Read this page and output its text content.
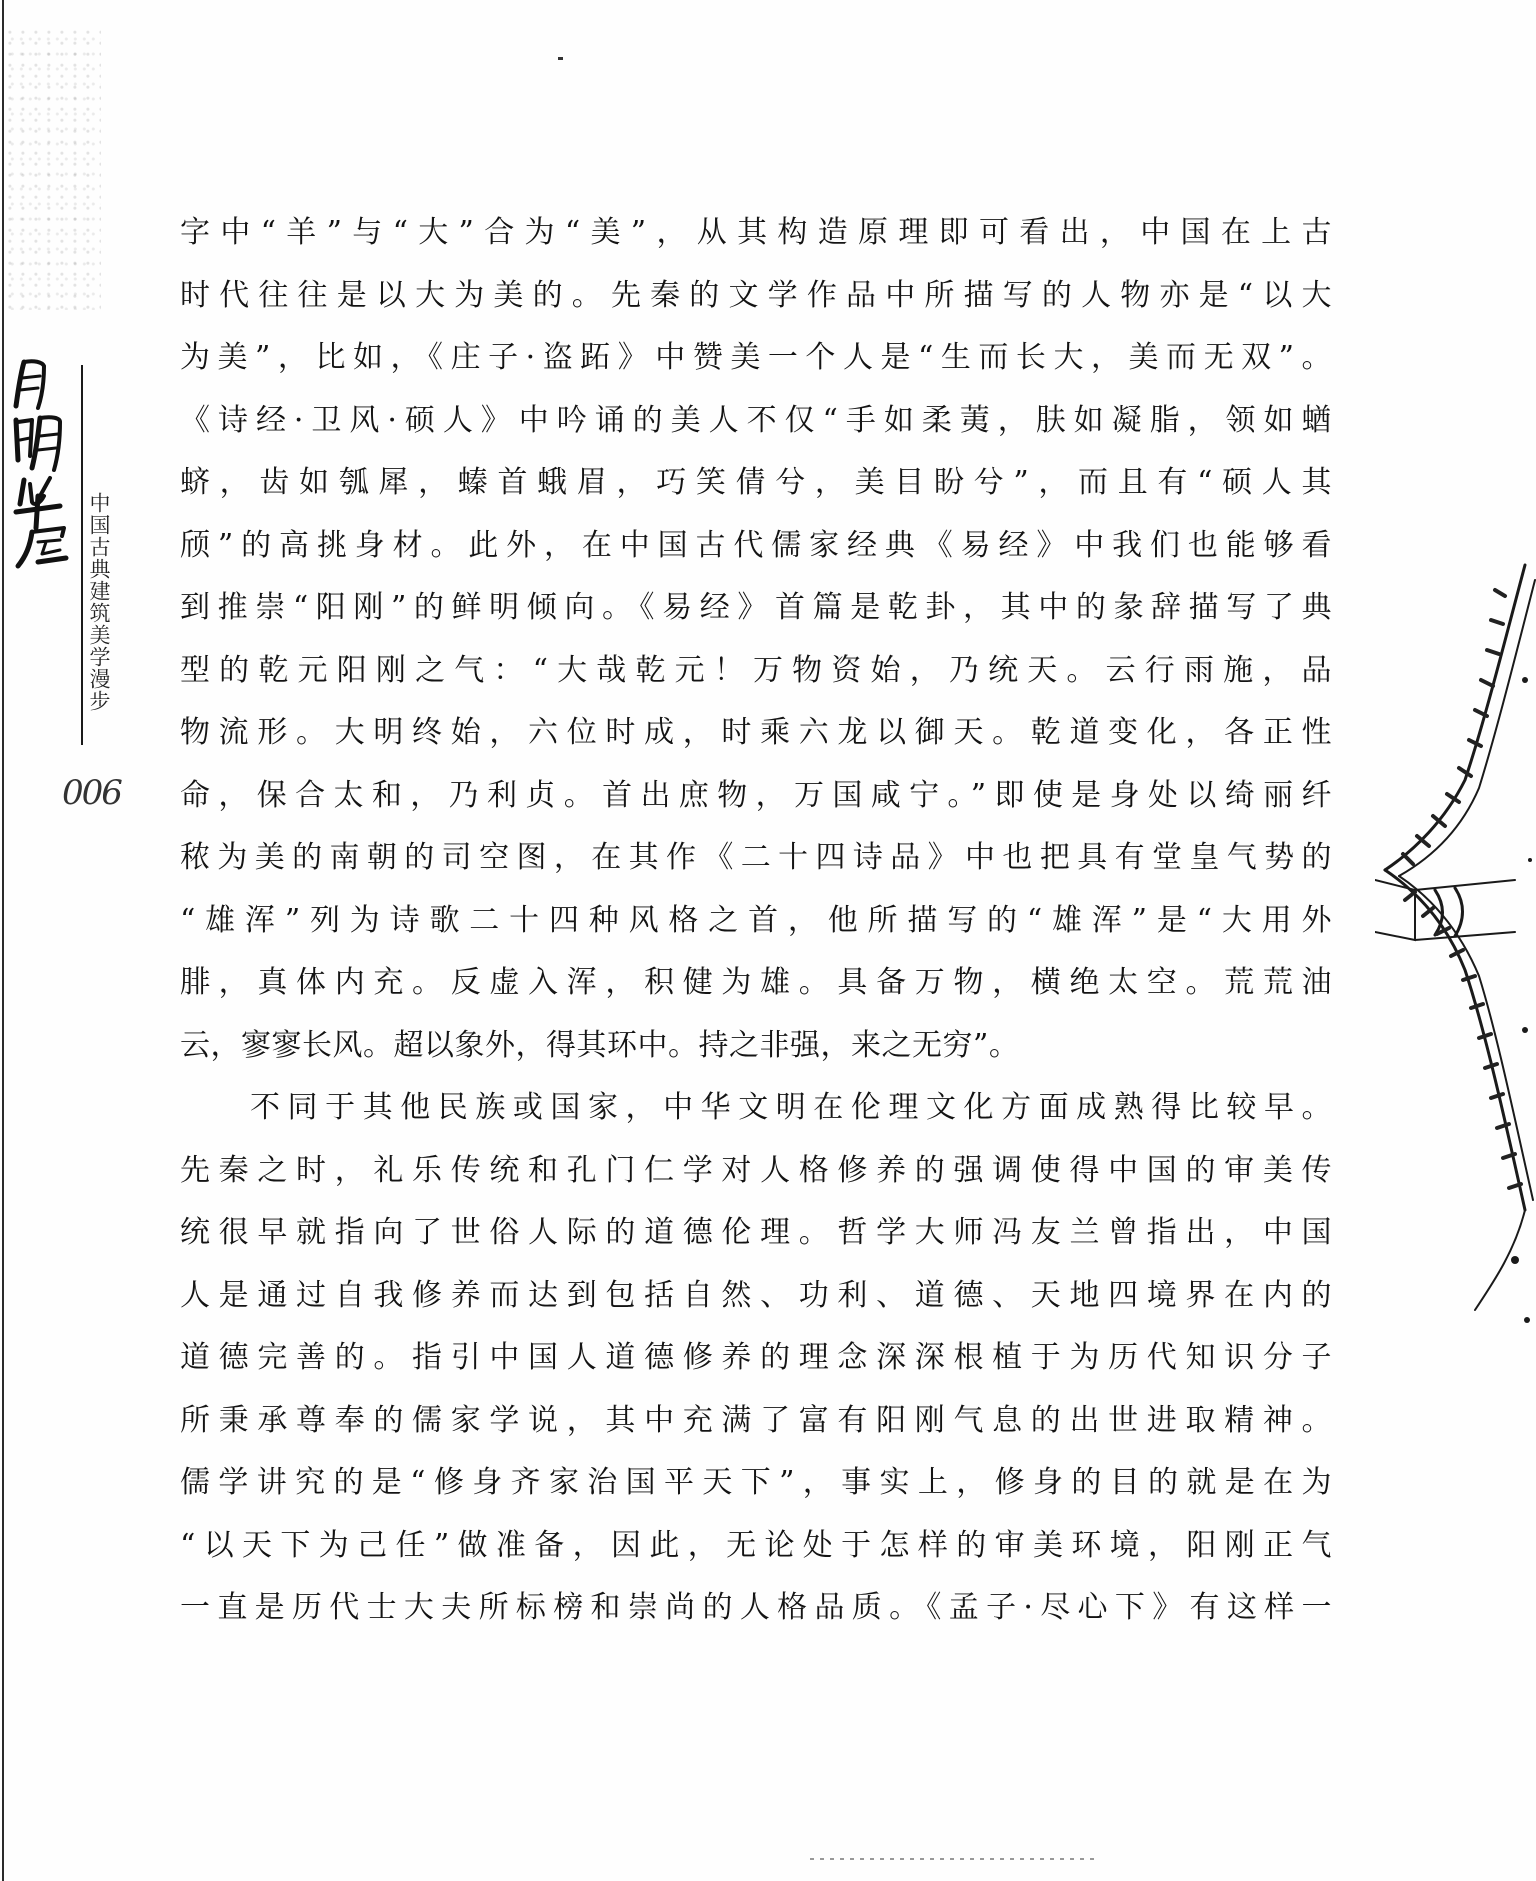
中国古典建筑美学漫步
006
字中“羊”与“大”合为“美”，从其构造原理即可看出，中国在上古
时代往往是以大为美的。先秦的文学作品中所描写的人物亦是“以大
为美”，比如，《庄子·盗跖》中赞美一个人是“生而长大，美而无双”。
《诗经·卫风·硕人》中吟诵的美人不仅“手如柔荑，肤如凝脂，领如蝤
蛴，齿如瓠犀，螓首蛾眉，巧笑倩兮，美目盼兮”，而且有“硕人其
颀”的高挑身材。此外，在中国古代儒家经典《易经》中我们也能够看
到推崇“阳刚”的鲜明倾向。《易经》首篇是乾卦，其中的彖辞描写了典
型的乾元阳刚之气：“大哉乾元！万物资始，乃统天。云行雨施，品
物流形。大明终始，六位时成，时乘六龙以御天。乾道变化，各正性
命，保合太和，乃利贞。首出庶物，万国咸宁。”即使是身处以绮丽纤
秾为美的南朝的司空图，在其作《二十四诗品》中也把具有堂皇气势的
“雄浑”列为诗歌二十四种风格之首，他所描写的“雄浑”是“大用外
腓，真体内充。反虚入浑，积健为雄。具备万物，横绝太空。荒荒油
云，寥寥长风。超以象外，得其环中。持之非强，来之无穷”。
不同于其他民族或国家，中华文明在伦理文化方面成熟得比较早。
先秦之时，礼乐传统和孔门仁学对人格修养的强调使得中国的审美传
统很早就指向了世俗人际的道德伦理。哲学大师冯友兰曾指出，中国
人是通过自我修养而达到包括自然、功利、道德、天地四境界在内的
道德完善的。指引中国人道德修养的理念深深根植于为历代知识分子
所秉承尊奉的儒家学说，其中充满了富有阳刚气息的出世进取精神。
儒学讲究的是“修身齐家治国平天下”，事实上，修身的目的就是在为
“以天下为己任”做准备，因此，无论处于怎样的审美环境，阳刚正气
一直是历代士大夫所标榜和崇尚的人格品质。《孟子·尽心下》有这样一
